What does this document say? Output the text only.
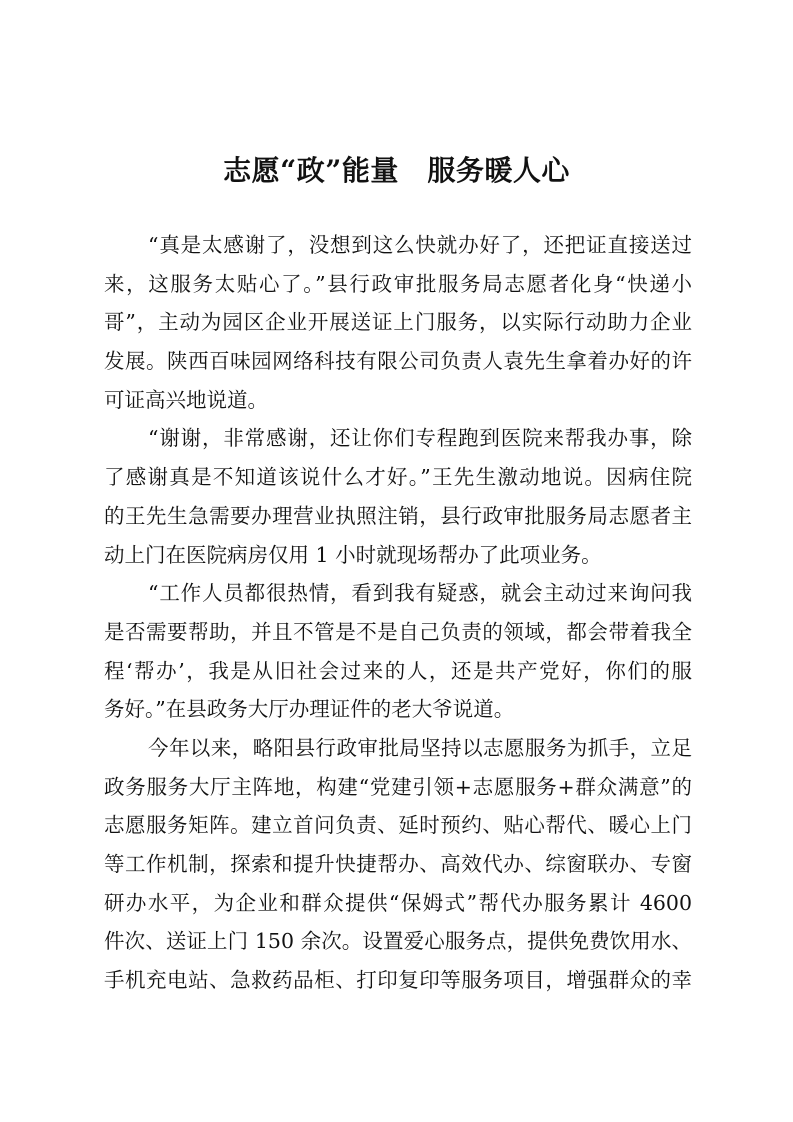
志愿“政”能量　服务暖人心
“真是太感谢了，没想到这么快就办好了，还把证直接送过
来，这服务太贴心了。”县行政审批服务局志愿者化身“快递小
哥”，主动为园区企业开展送证上门服务，以实际行动助力企业
发展。陕西百味园网络科技有限公司负责人袁先生拿着办好的许
可证高兴地说道。
“谢谢，非常感谢，还让你们专程跑到医院来帮我办事，除
了感谢真是不知道该说什么才好。”王先生激动地说。因病住院
的王先生急需要办理营业执照注销，县行政审批服务局志愿者主
动上门在医院病房仅用 1 小时就现场帮办了此项业务。
“工作人员都很热情，看到我有疑惑，就会主动过来询问我
是否需要帮助，并且不管是不是自己负责的领域，都会带着我全
程‘帮办’，我是从旧社会过来的人，还是共产党好，你们的服
务好。”在县政务大厅办理证件的老大爷说道。
今年以来，略阳县行政审批局坚持以志愿服务为抓手，立足
政务服务大厅主阵地，构建“党建引领+志愿服务+群众满意”的
志愿服务矩阵。建立首问负责、延时预约、贴心帮代、暖心上门
等工作机制，探索和提升快捷帮办、高效代办、综窗联办、专窗
研办水平，为企业和群众提供“保姆式”帮代办服务累计 4600
件次、送证上门 150 余次。设置爱心服务点，提供免费饮用水、
手机充电站、急救药品柜、打印复印等服务项目，增强群众的幸
